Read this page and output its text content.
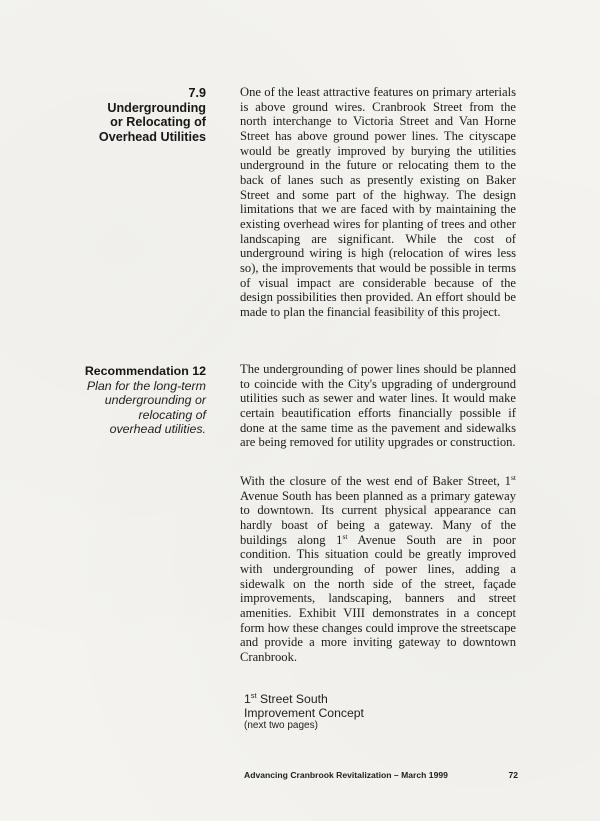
7.9
Undergrounding
or Relocating of
Overhead Utilities

One of the least attractive features on primary arterials is above ground wires. Cranbrook Street from the north interchange to Victoria Street and Van Horne Street has above ground power lines. The cityscape would be greatly improved by burying the utilities underground in the future or relocating them to the back of lanes such as presently existing on Baker Street and some part of the highway. The design limitations that we are faced with by maintaining the existing overhead wires for planting of trees and other landscaping are significant. While the cost of underground wiring is high (relocation of wires less so), the improvements that would be possible in terms of visual impact are considerable because of the design possibilities then provided. An effort should be made to plan the financial feasibility of this project.

Recommendation 12
Plan for the long-term
undergrounding or
relocating of
overhead utilities.

The undergrounding of power lines should be planned to coincide with the City's upgrading of underground utilities such as sewer and water lines. It would make certain beautification efforts financially possible if done at the same time as the pavement and sidewalks are being removed for utility upgrades or construction.

With the closure of the west end of Baker Street, 1st Avenue South has been planned as a primary gateway to downtown. Its current physical appearance can hardly boast of being a gateway. Many of the buildings along 1st Avenue South are in poor condition. This situation could be greatly improved with undergrounding of power lines, adding a sidewalk on the north side of the street, façade improvements, landscaping, banners and street amenities. Exhibit VIII demonstrates in a concept form how these changes could improve the streetscape and provide a more inviting gateway to downtown Cranbrook.

1st Street South
Improvement Concept
(next two pages)
Advancing Cranbrook Revitalization – March 1999	72
